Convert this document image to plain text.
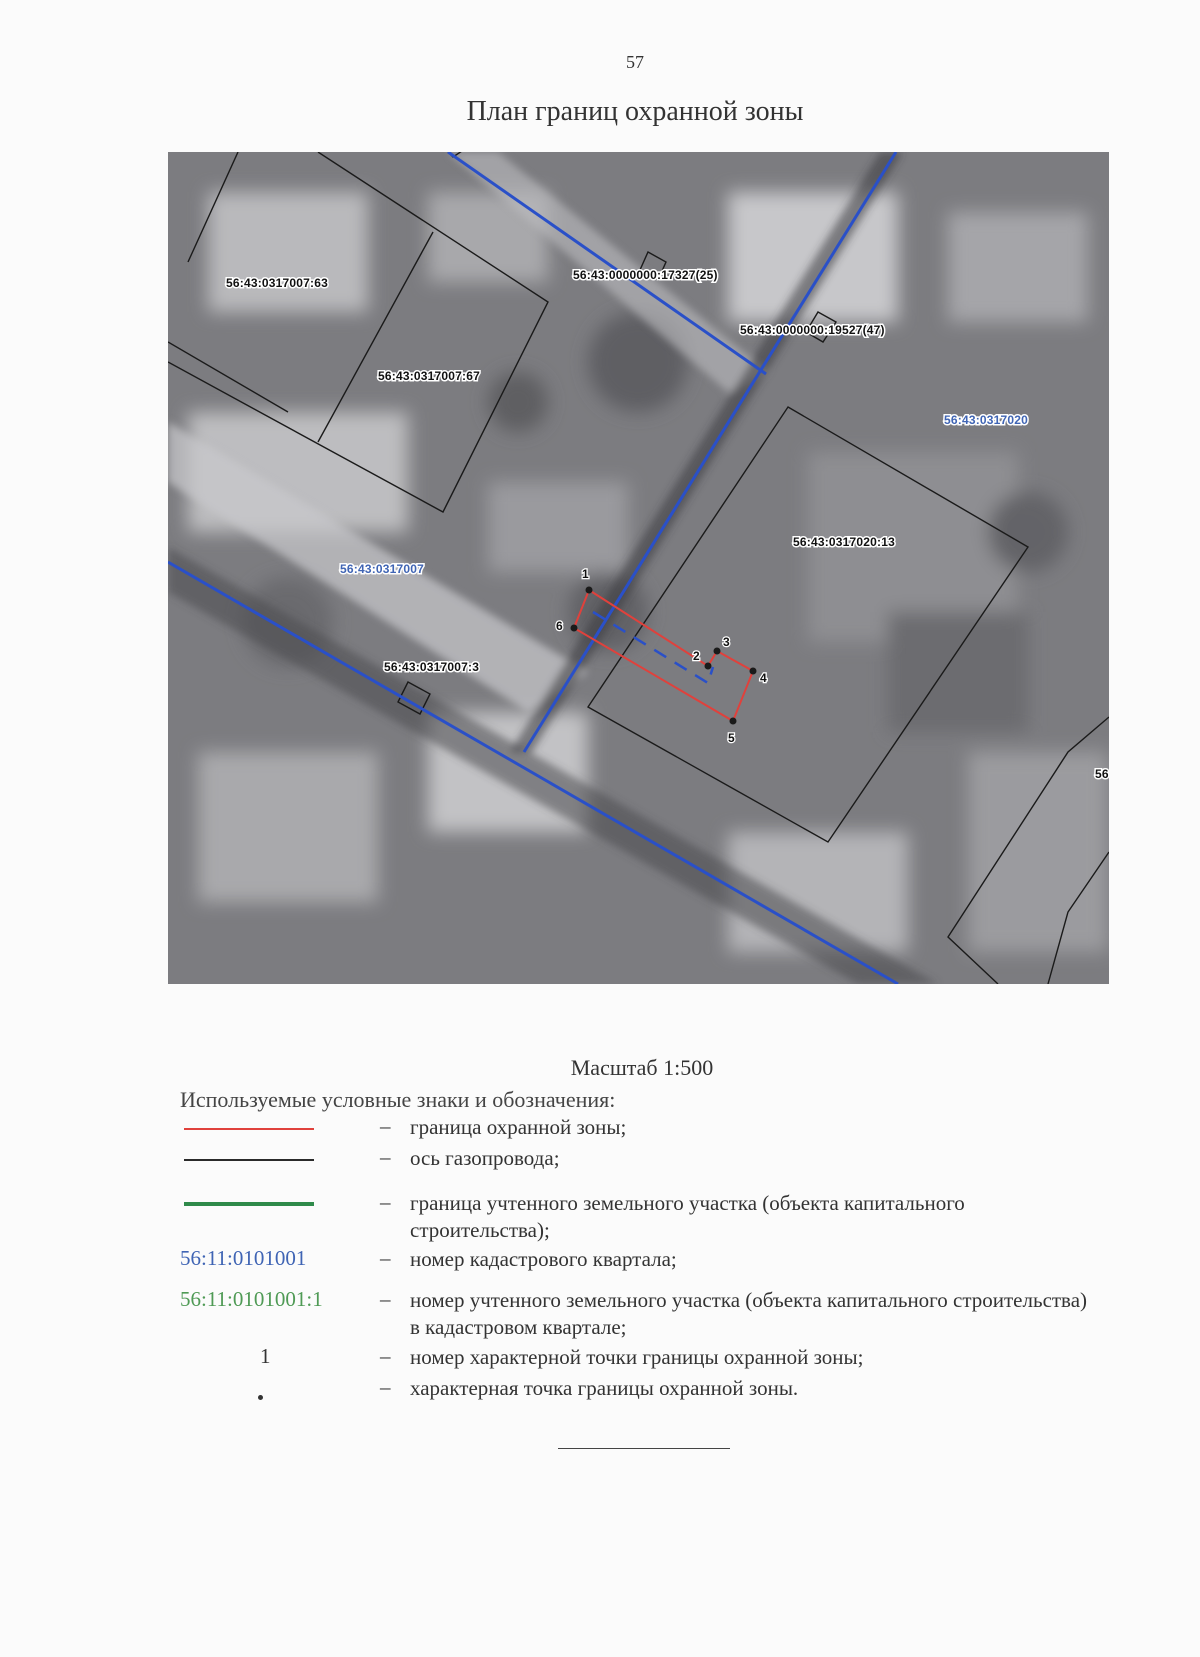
57
План границ охранной зоны
1
2
3
4
5
6
56:43:0317007:63
56:43:0317007:67
56:43:0317020:13
56:43:0317007:3
56:43:0000000:17327(25)
56:43:0000000:19527(47)
56
56:43:0317020
56:43:0317007
Масштаб 1:500
Используемые условные знаки и обозначения:
– граница охранной зоны;
– ось газопровода;
– граница учтенного земельного участка (объекта капитального строительства);
56:11:0101001	– номер кадастрового квартала;
56:11:0101001:1	– номер учтенного земельного участка (объекта капитального строительства) в кадастровом квартале;
1	– номер характерной точки границы охранной зоны;
– характерная точка границы охранной зоны.
